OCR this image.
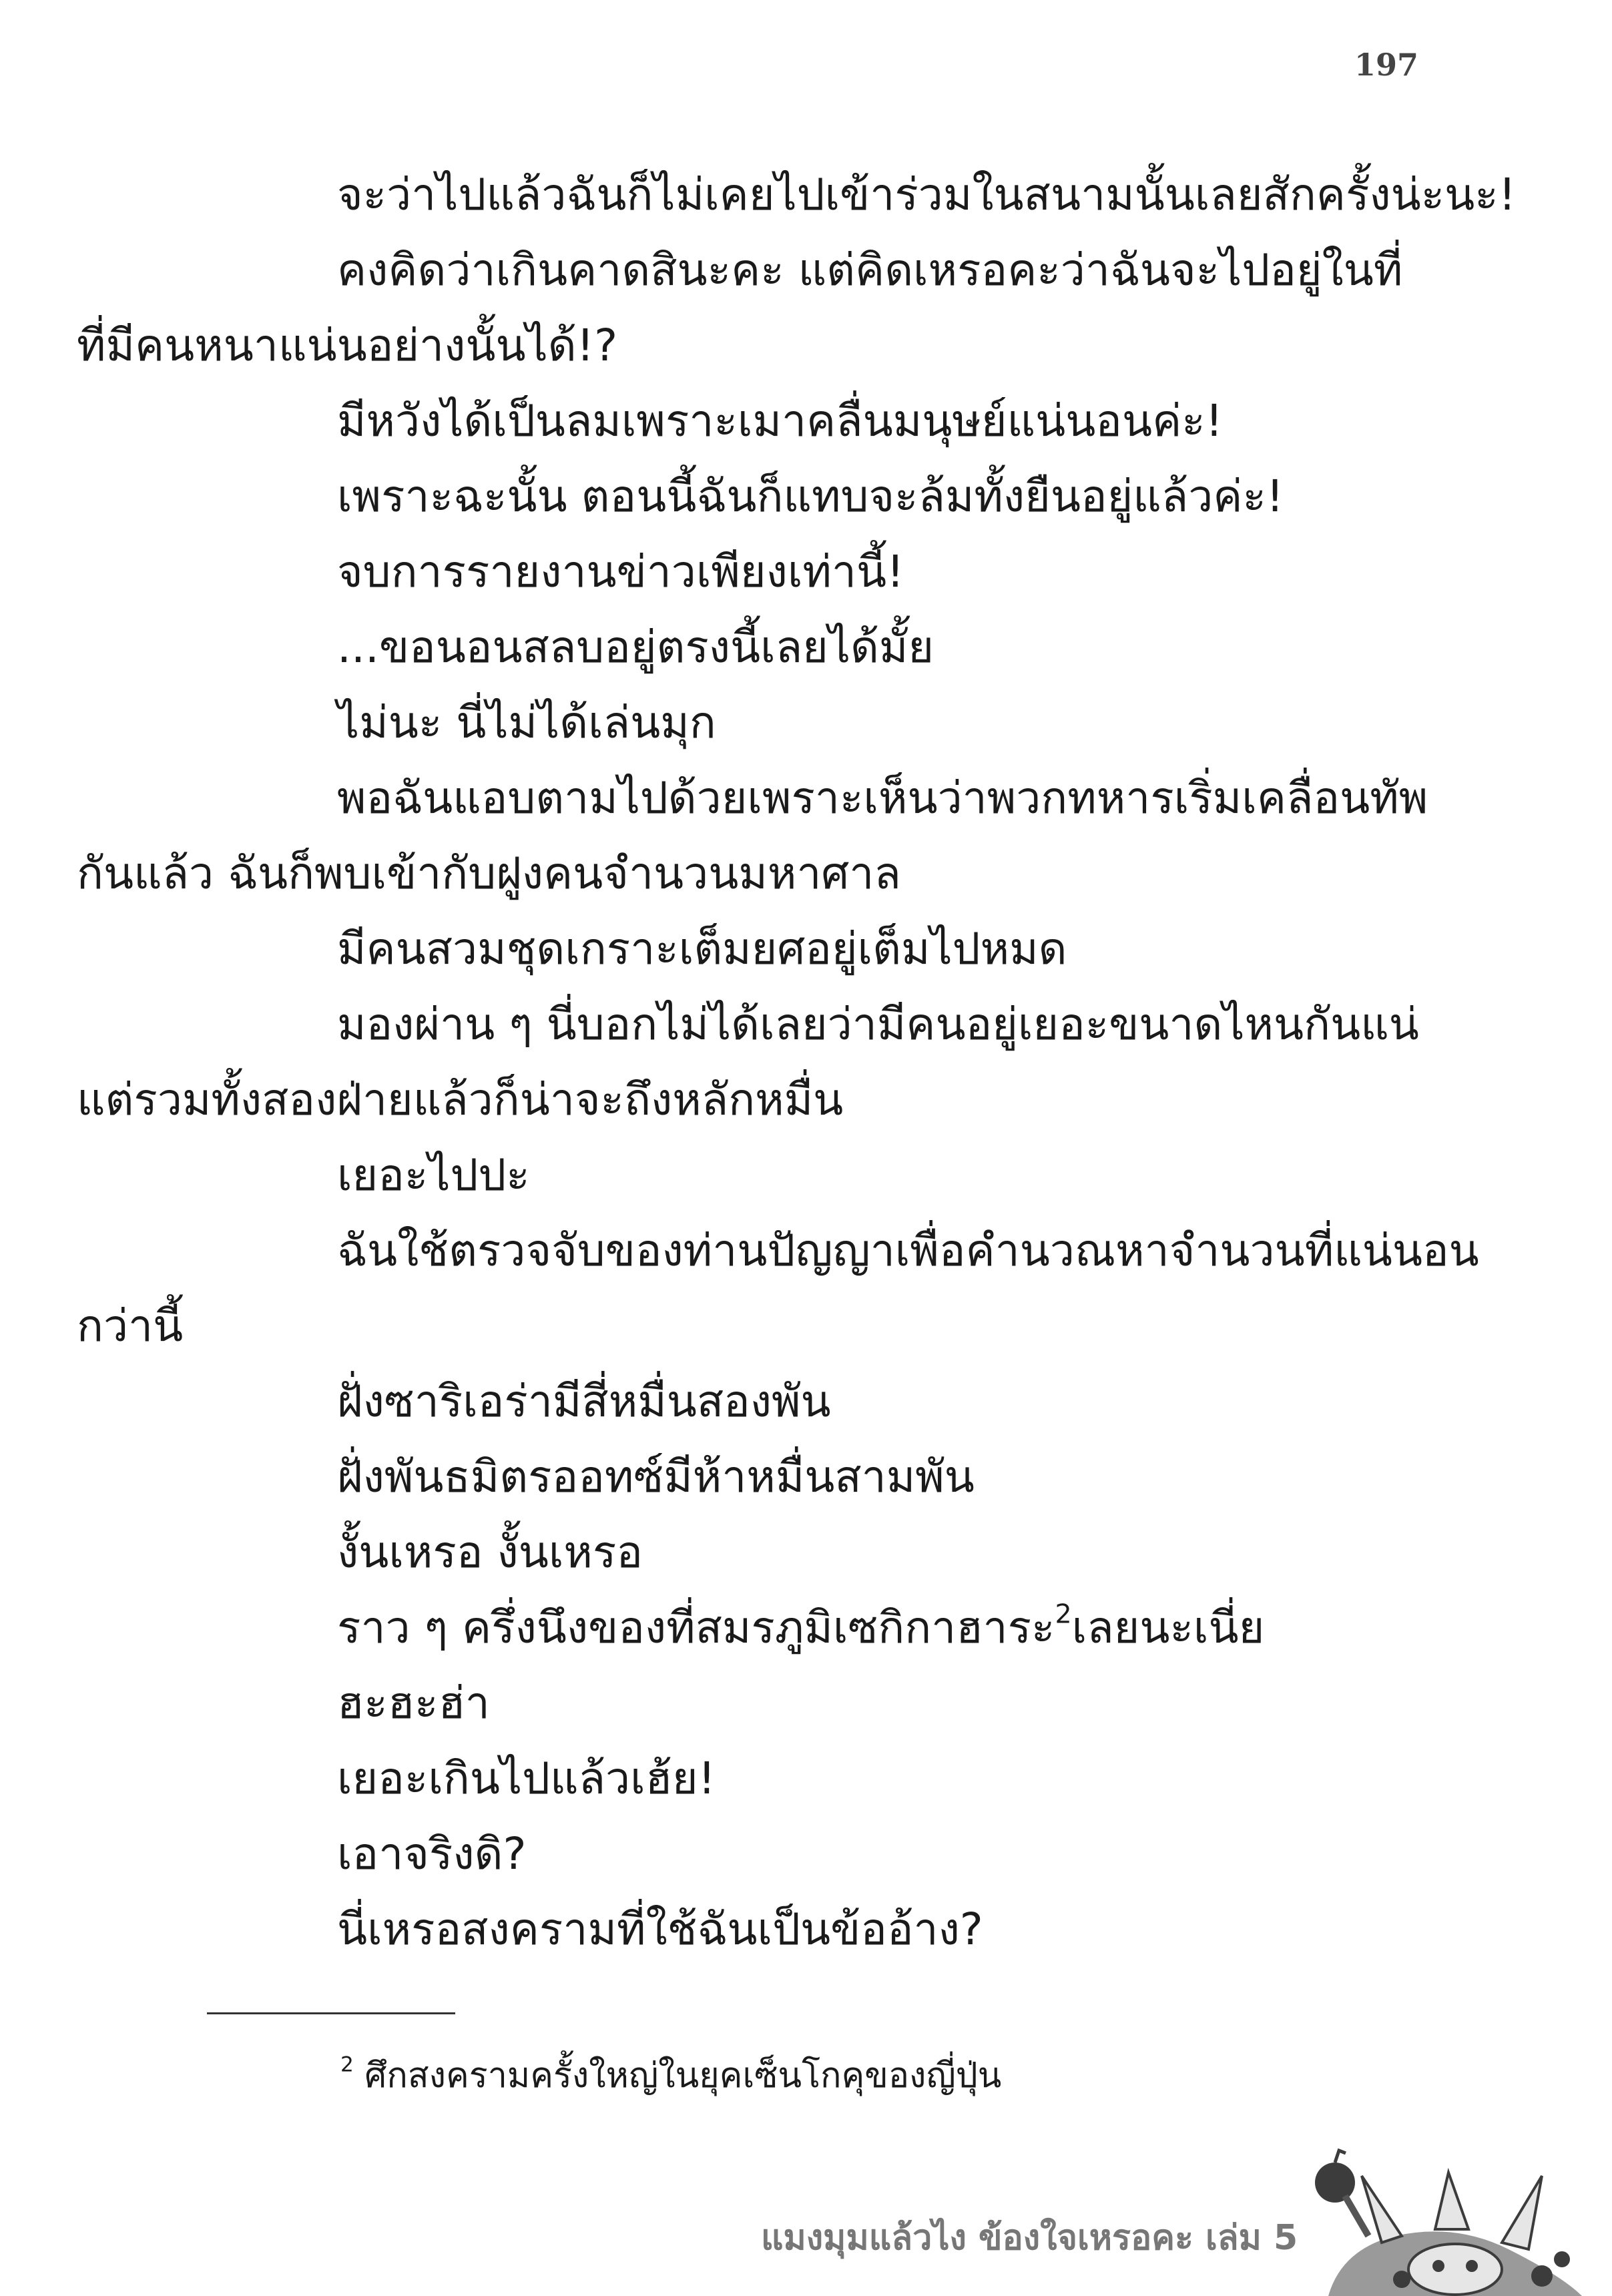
197

จะว่าไปแล้วฉันก็ไม่เคยไปเข้าร่วมในสนามนั้นเลยสักครั้งน่ะนะ!

คงคิดว่าเกินคาดสินะคะ แต่คิดเหรอคะว่าฉันจะไปอยู่ในที่
ที่มีคนหนาแน่นอย่างนั้นได้!?

มีหวังได้เป็นลมเพราะเมาคลื่นมนุษย์แน่นอนค่ะ!

เพราะฉะนั้น ตอนนี้ฉันก็แทบจะล้มทั้งยืนอยู่แล้วค่ะ!

จบการรายงานข่าวเพียงเท่านี้!

...ขอนอนสลบอยู่ตรงนี้เลยได้มั้ย

ไม่นะ นี่ไม่ได้เล่นมุก

พอฉันแอบตามไปด้วยเพราะเห็นว่าพวกทหารเริ่มเคลื่อนทัพ
กันแล้ว ฉันก็พบเข้ากับฝูงคนจำนวนมหาศาล

มีคนสวมชุดเกราะเต็มยศอยู่เต็มไปหมด

มองผ่าน ๆ นี่บอกไม่ได้เลยว่ามีคนอยู่เยอะขนาดไหนกันแน่
แต่รวมทั้งสองฝ่ายแล้วก็น่าจะถึงหลักหมื่น

เยอะไปปะ

ฉันใช้ตรวจจับของท่านปัญญาเพื่อคำนวณหาจำนวนที่แน่นอน
กว่านี้

ฝั่งซาริเอร่ามีสี่หมื่นสองพัน

ฝั่งพันธมิตรออทซ์มีห้าหมื่นสามพัน

งั้นเหรอ งั้นเหรอ

ราว ๆ ครึ่งนึงของที่สมรภูมิเซกิกาฮาระ$^2$เลยนะเนี่ย

ฮะฮะฮ่า

เยอะเกินไปแล้วเฮ้ย!

เอาจริงดิ?

นี่เหรอสงครามที่ใช้ฉันเป็นข้ออ้าง?

$^2$ ศึกสงครามครั้งใหญ่ในยุคเซ็นโกคุของญี่ปุ่น
แมงมุมแล้วไง ข้องใจเหรอคะ เล่ม 5
